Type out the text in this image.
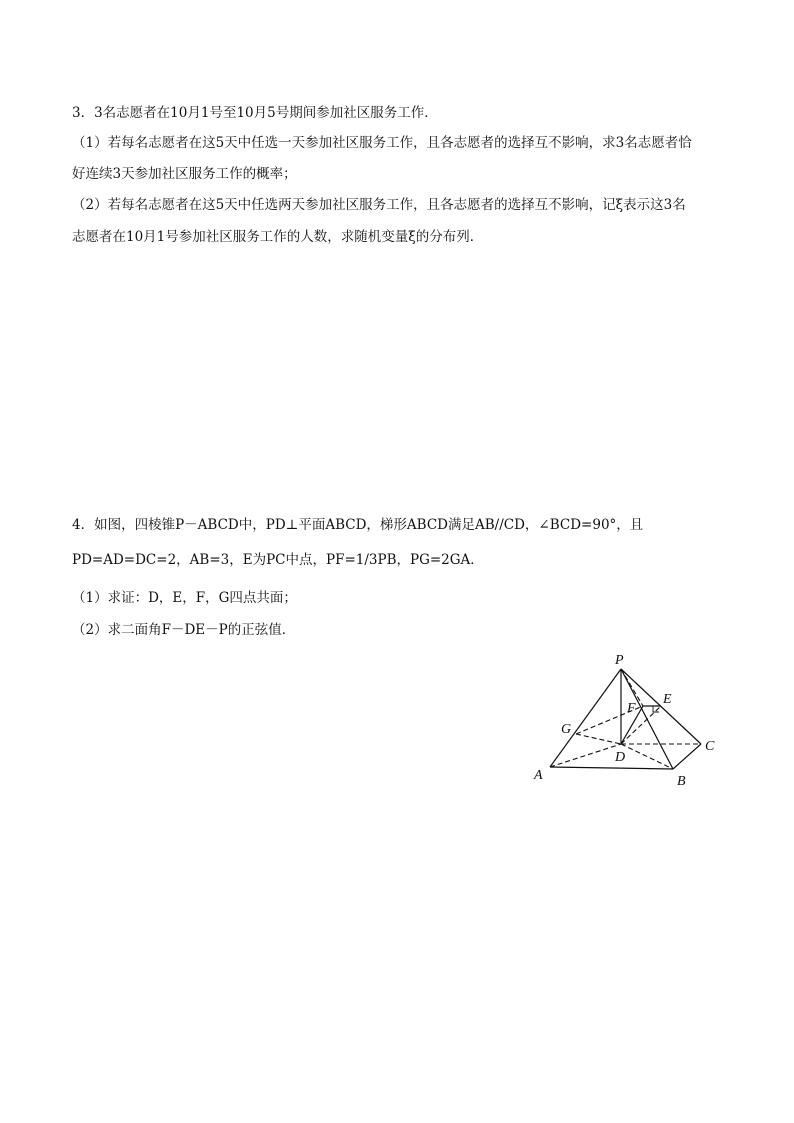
3．3名志愿者在10月1号至10月5号期间参加社区服务工作．
（1）若每名志愿者在这5天中任选一天参加社区服务工作，且各志愿者的选择互不影响，求3名志愿者恰
好连续3天参加社区服务工作的概率；
（2）若每名志愿者在这5天中任选两天参加社区服务工作，且各志愿者的选择互不影响，记ξ表示这3名
志愿者在10月1号参加社区服务工作的人数，求随机变量ξ的分布列．
4．如图，四棱锥P－ABCD中，PD⊥平面ABCD，梯形ABCD满足AB//CD，∠BCD=90°，且
PD=AD=DC=2，AB=3，E为PC中点，PF=1/3PB，PG=2GA．
（1）求证：D，E，F，G四点共面；
（2）求二面角F－DE－P的正弦值．
P
E
F
G
C
D
A	B
